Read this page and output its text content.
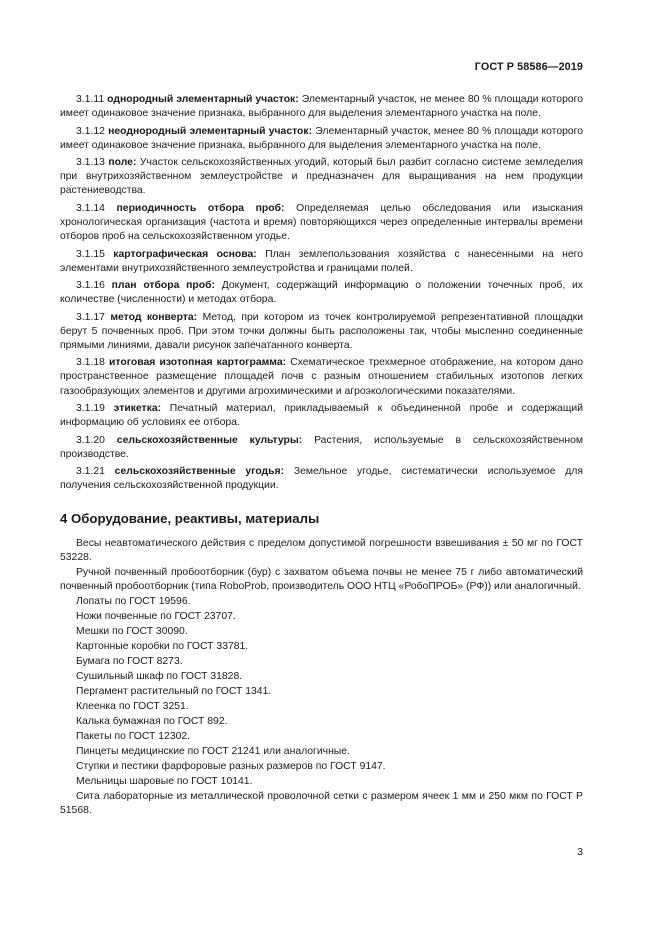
ГОСТ Р 58586—2019

3.1.11 однородный элементарный участок: Элементарный участок, не менее 80 % площади которого имеет одинаковое значение признака, выбранного для выделения элементарного участка на поле.

3.1.12 неоднородный элементарный участок: Элементарный участок, менее 80 % площади которого имеет одинаковое значение признака, выбранного для выделения элементарного участка на поле.

3.1.13 поле: Участок сельскохозяйственных угодий, который был разбит согласно системе земледелия при внутрихозяйственном землеустройстве и предназначен для выращивания на нем продукции растениеводства.

3.1.14 периодичность отбора проб: Определяемая целью обследования или изыскания хронологическая организация (частота и время) повторяющихся через определенные интервалы времени отборов проб на сельскохозяйственном угодье.

3.1.15 картографическая основа: План землепользования хозяйства с нанесенными на него элементами внутрихозяйственного землеустройства и границами полей.

3.1.16 план отбора проб: Документ, содержащий информацию о положении точечных проб, их количестве (численности) и методах отбора.

3.1.17 метод конверта: Метод, при котором из точек контролируемой репрезентативной площадки берут 5 почвенных проб. При этом точки должны быть расположены так, чтобы мысленно соединенные прямыми линиями, давали рисунок запечатанного конверта.

3.1.18 итоговая изотопная картограмма: Схематическое трехмерное отображение, на котором дано пространственное размещение площадей почв с разным отношением стабильных изотопов легких газообразующих элементов и другими агрохимическими и агроэкологическими показателями.

3.1.19 этикетка: Печатный материал, прикладываемый к объединенной пробе и содержащий информацию об условиях ее отбора.

3.1.20 сельскохозяйственные культуры: Растения, используемые в сельскохозяйственном производстве.

3.1.21 сельскохозяйственные угодья: Земельное угодье, систематически используемое для получения сельскохозяйственной продукции.

4 Оборудование, реактивы, материалы

Весы неавтоматического действия с пределом допустимой погрешности взвешивания ± 50 мг по ГОСТ 53228.

Ручной почвенный пробоотборник (бур) с захватом объема почвы не менее 75 г либо автоматический почвенный пробоотборник (типа RoboProb, производитель ООО НТЦ «РобоПРОБ» (РФ)) или аналогичный.

Лопаты по ГОСТ 19596.

Ножи почвенные по ГОСТ 23707.

Мешки по ГОСТ 30090.

Картонные коробки по ГОСТ 33781.

Бумага по ГОСТ 8273.

Сушильный шкаф по ГОСТ 31828.

Пергамент растительный по ГОСТ 1341.

Клеенка по ГОСТ 3251.

Калька бумажная по ГОСТ 892.

Пакеты по ГОСТ 12302.

Пинцеты медицинские по ГОСТ 21241 или аналогичные.

Ступки и пестики фарфоровые разных размеров по ГОСТ 9147.

Мельницы шаровые по ГОСТ 10141.

Сита лабораторные из металлической проволочной сетки с размером ячеек 1 мм и 250 мкм по ГОСТ Р 51568.

3
